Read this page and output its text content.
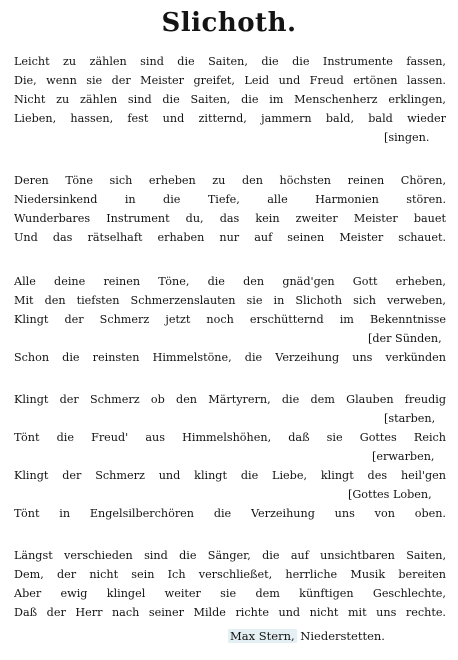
Slichoth.
Leicht zu zählen sind die Saiten, die die Instrumente fassen,
Die, wenn sie der Meister greifet, Leid und Freud ertönen lassen.
Nicht zu zählen sind die Saiten, die im Menschenherz erklingen,
Lieben, hassen, fest und zitternd, jammern bald, bald wieder
[singen.
Deren Töne sich erheben zu den höchsten reinen Chören,
Niedersinkend in die Tiefe, alle Harmonien stören.
Wunderbares Instrument du, das kein zweiter Meister bauet
Und das rätselhaft erhaben nur auf seinen Meister schauet.
Alle deine reinen Töne, die den gnäd'gen Gott erheben,
Mit den tiefsten Schmerzenslauten sie in Slichoth sich verweben,
Klingt der Schmerz jetzt noch erschütternd im Bekenntnisse
[der Sünden,
Schon die reinsten Himmelstöne, die Verzeihung uns verkünden
Klingt der Schmerz ob den Märtyrern, die dem Glauben freudig
[starben,
Tönt die Freud' aus Himmelshöhen, daß sie Gottes Reich
[erwarben,
Klingt der Schmerz und klingt die Liebe, klingt des heil'gen
[Gottes Loben,
Tönt in Engelsilberchören die Verzeihung uns von oben.
Längst verschieden sind die Sänger, die auf unsichtbaren Saiten,
Dem, der nicht sein Ich verschließet, herrliche Musik bereiten
Aber ewig klingel weiter sie dem künftigen Geschlechte,
Daß der Herr nach seiner Milde richte und nicht mit uns rechte.
Max Stern, Niederstetten.
